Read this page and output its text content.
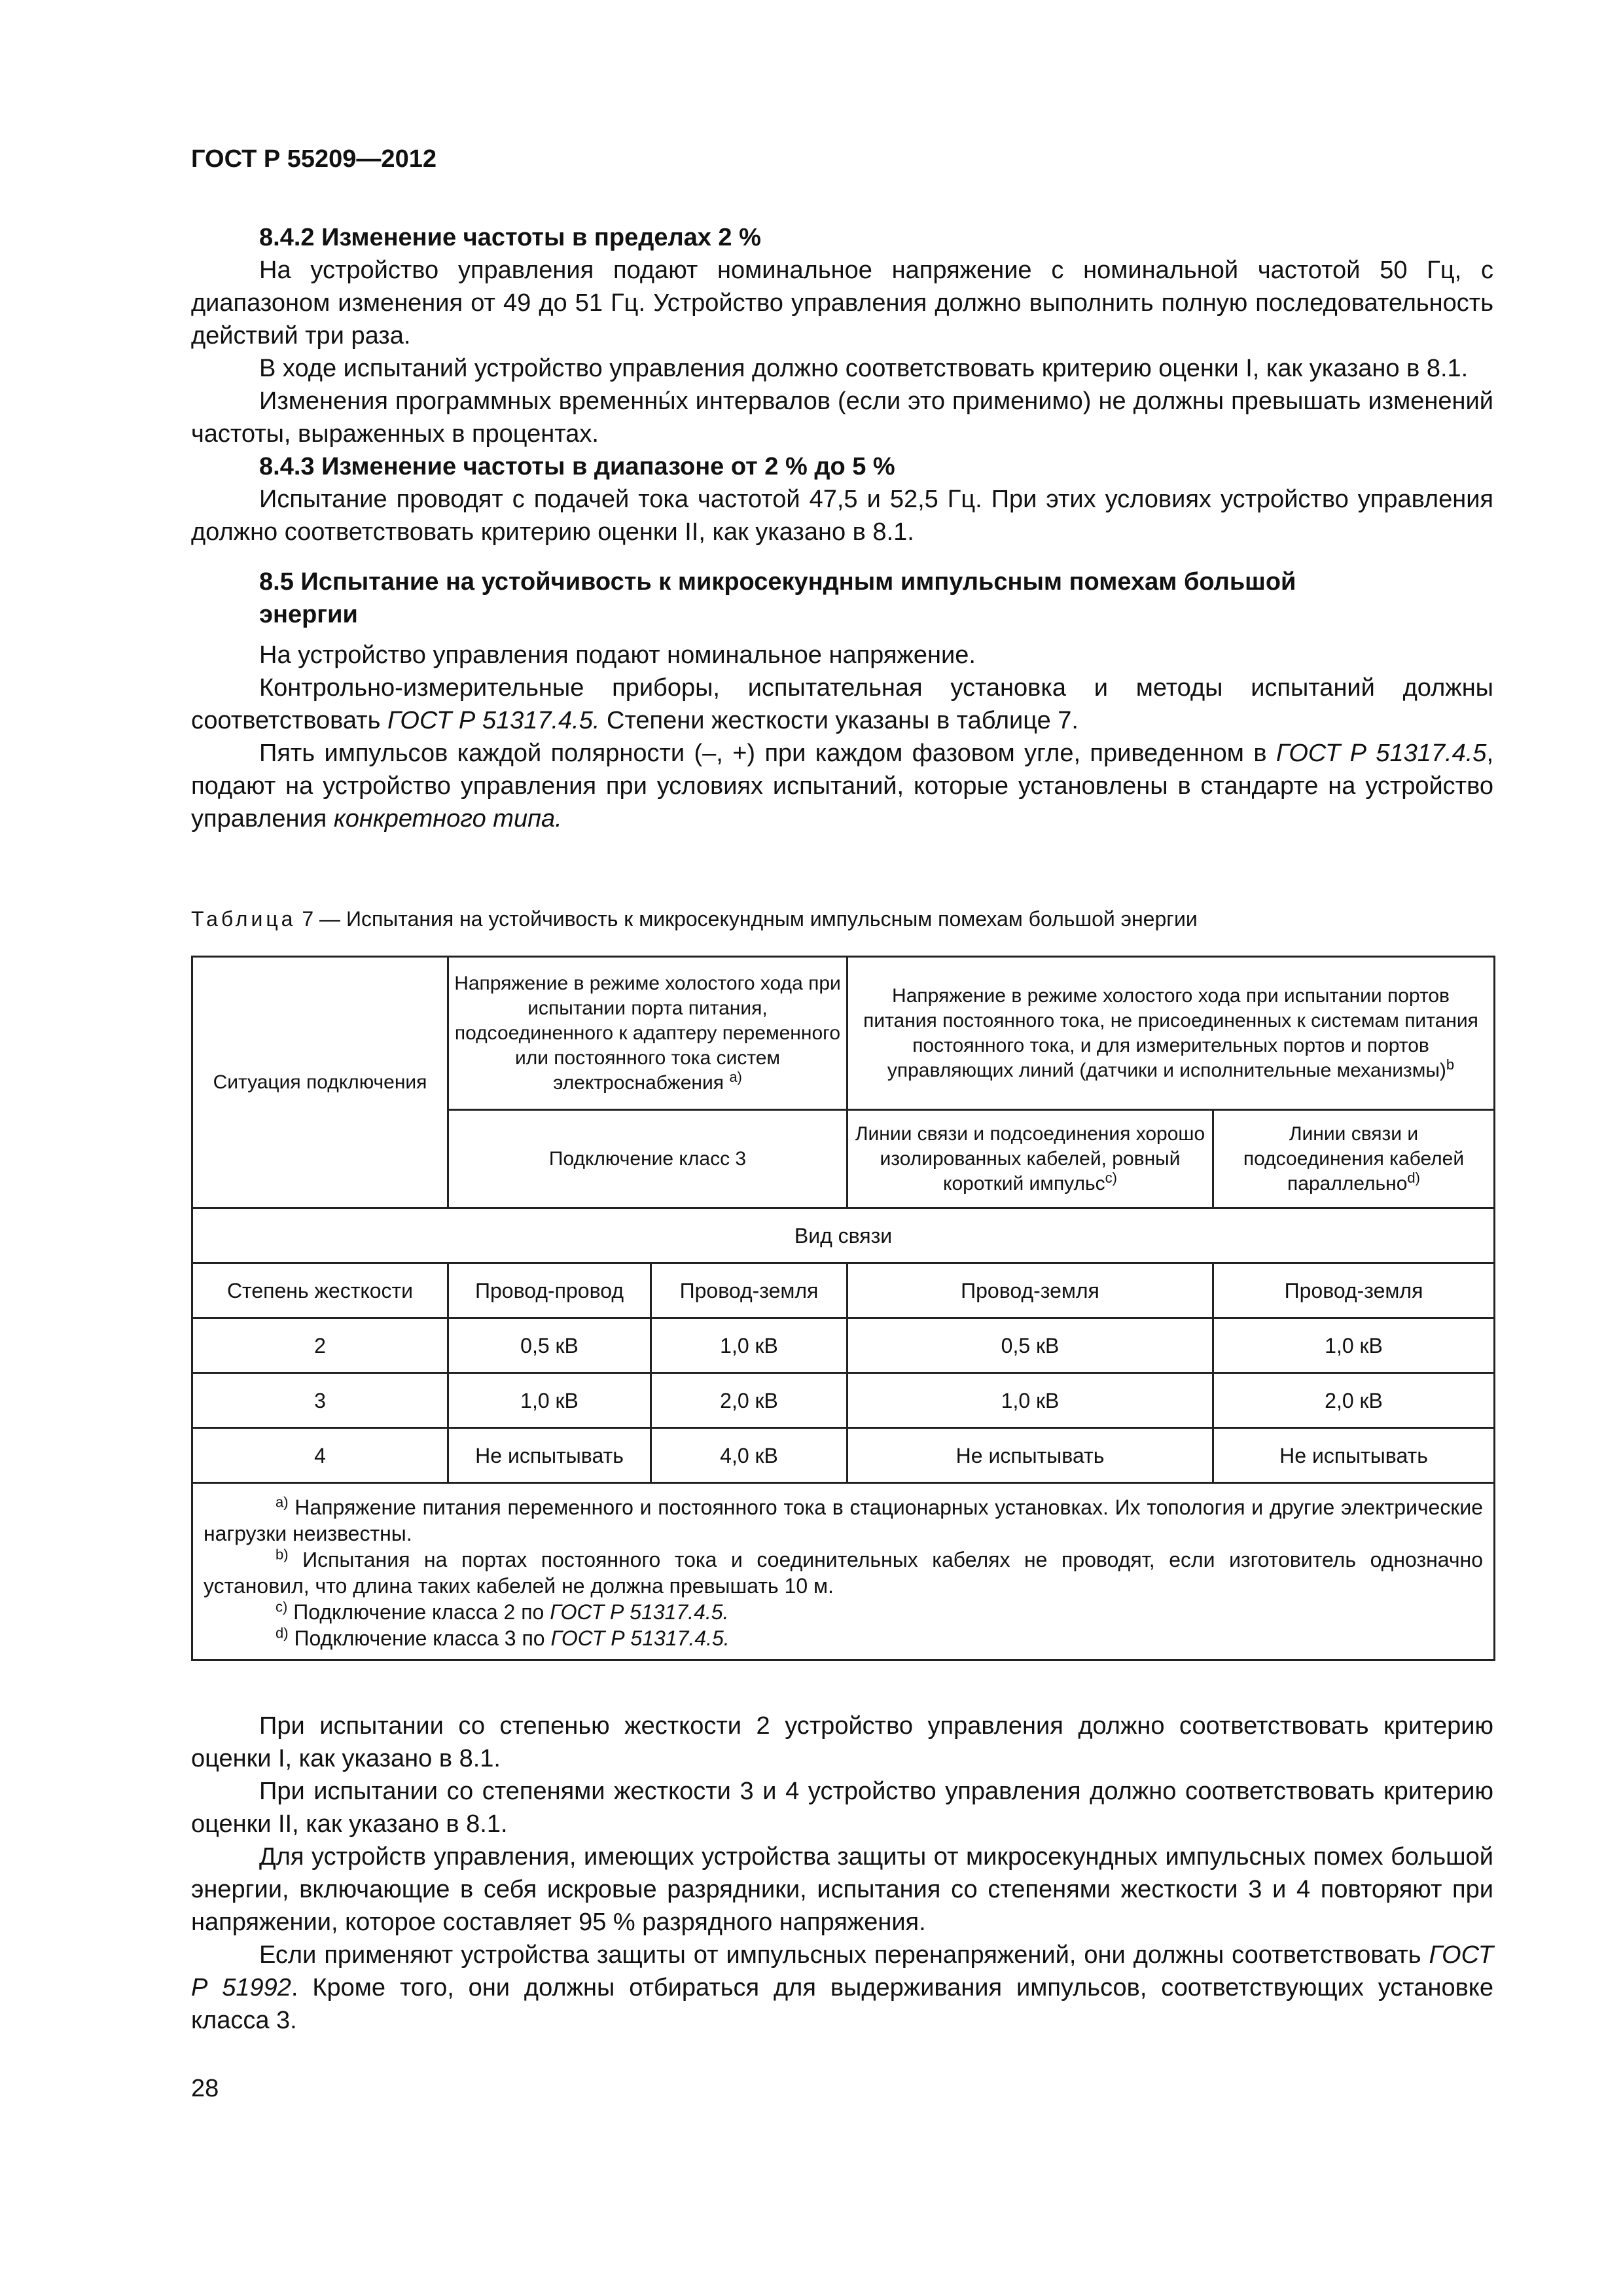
ГОСТ Р 55209—2012

8.4.2 Изменение частоты в пределах 2 %

На устройство управления подают номинальное напряжение с номинальной частотой 50 Гц, с диапазоном изменения от 49 до 51 Гц. Устройство управления должно выполнить полную последовательность действий три раза.

В ходе испытаний устройство управления должно соответствовать критерию оценки I, как указано в 8.1.

Изменения программных временны́х интервалов (если это применимо) не должны превышать изменений частоты, выраженных в процентах.

8.4.3 Изменение частоты в диапазоне от 2 % до 5 %

Испытание проводят с подачей тока частотой 47,5 и 52,5 Гц. При этих условиях устройство управления должно соответствовать критерию оценки II, как указано в 8.1.

8.5 Испытание на устойчивость к микросекундным импульсным помехам большой энергии

На устройство управления подают номинальное напряжение.

Контрольно-измерительные приборы, испытательная установка и методы испытаний должны соответствовать ГОСТ Р 51317.4.5. Степени жесткости указаны в таблице 7.

Пять импульсов каждой полярности (–, +) при каждом фазовом угле, приведенном в ГОСТ Р 51317.4.5, подают на устройство управления при условиях испытаний, которые установлены в стандарте на устройство управления конкретного типа.

Таблица 7 — Испытания на устойчивость к микросекундным импульсным помехам большой энергии
Ситуация подключения	Напряжение в режиме холостого хода при испытании порта питания, подсоединенного к адаптеру переменного или постоянного тока систем электроснабжения $^{a)}$		Напряжение в режиме холостого хода при испытании портов питания постоянного тока, не присоединенных к системам питания постоянного тока, и для измерительных портов и портов управляющих линий (датчики и исполнительные механизмы)$^b$
	Подключение класс 3		Линии связи и подсоединения хорошо изолированных кабелей, ровный короткий импульс$^{c)}$	Линии связи и подсоединения кабелей параллельно$^{d)}$
Вид связи				
Степень жесткости	Провод-провод	Провод-земля	Провод-земля	Провод-земля
2	0,5 кВ	1,0 кВ	0,5 кВ	1,0 кВ
3	1,0 кВ	2,0 кВ	1,0 кВ	2,0 кВ
4	Не испытывать	4,0 кВ	Не испытывать	Не испытывать

$^{a)}$ Напряжение питания переменного и постоянного тока в стационарных установках. Их топология и другие электрические нагрузки неизвестны.

$^{b)}$ Испытания на портах постоянного тока и соединительных кабелях не проводят, если изготовитель однозначно установил, что длина таких кабелей не должна превышать 10 м.

$^{c)}$ Подключение класса 2 по ГОСТ Р 51317.4.5.

$^{d)}$ Подключение класса 3 по ГОСТ Р 51317.4.5.				

При испытании со степенью жесткости 2 устройство управления должно соответствовать критерию оценки I, как указано в 8.1.

При испытании со степенями жесткости 3 и 4 устройство управления должно соответствовать критерию оценки II, как указано в 8.1.

Для устройств управления, имеющих устройства защиты от микросекундных импульсных помех большой энергии, включающие в себя искровые разрядники, испытания со степенями жесткости 3 и 4 повторяют при напряжении, которое составляет 95 % разрядного напряжения.

Если применяют устройства защиты от импульсных перенапряжений, они должны соответствовать ГОСТ Р 51992. Кроме того, они должны отбираться для выдерживания импульсов, соответствующих установке класса 3.

28
